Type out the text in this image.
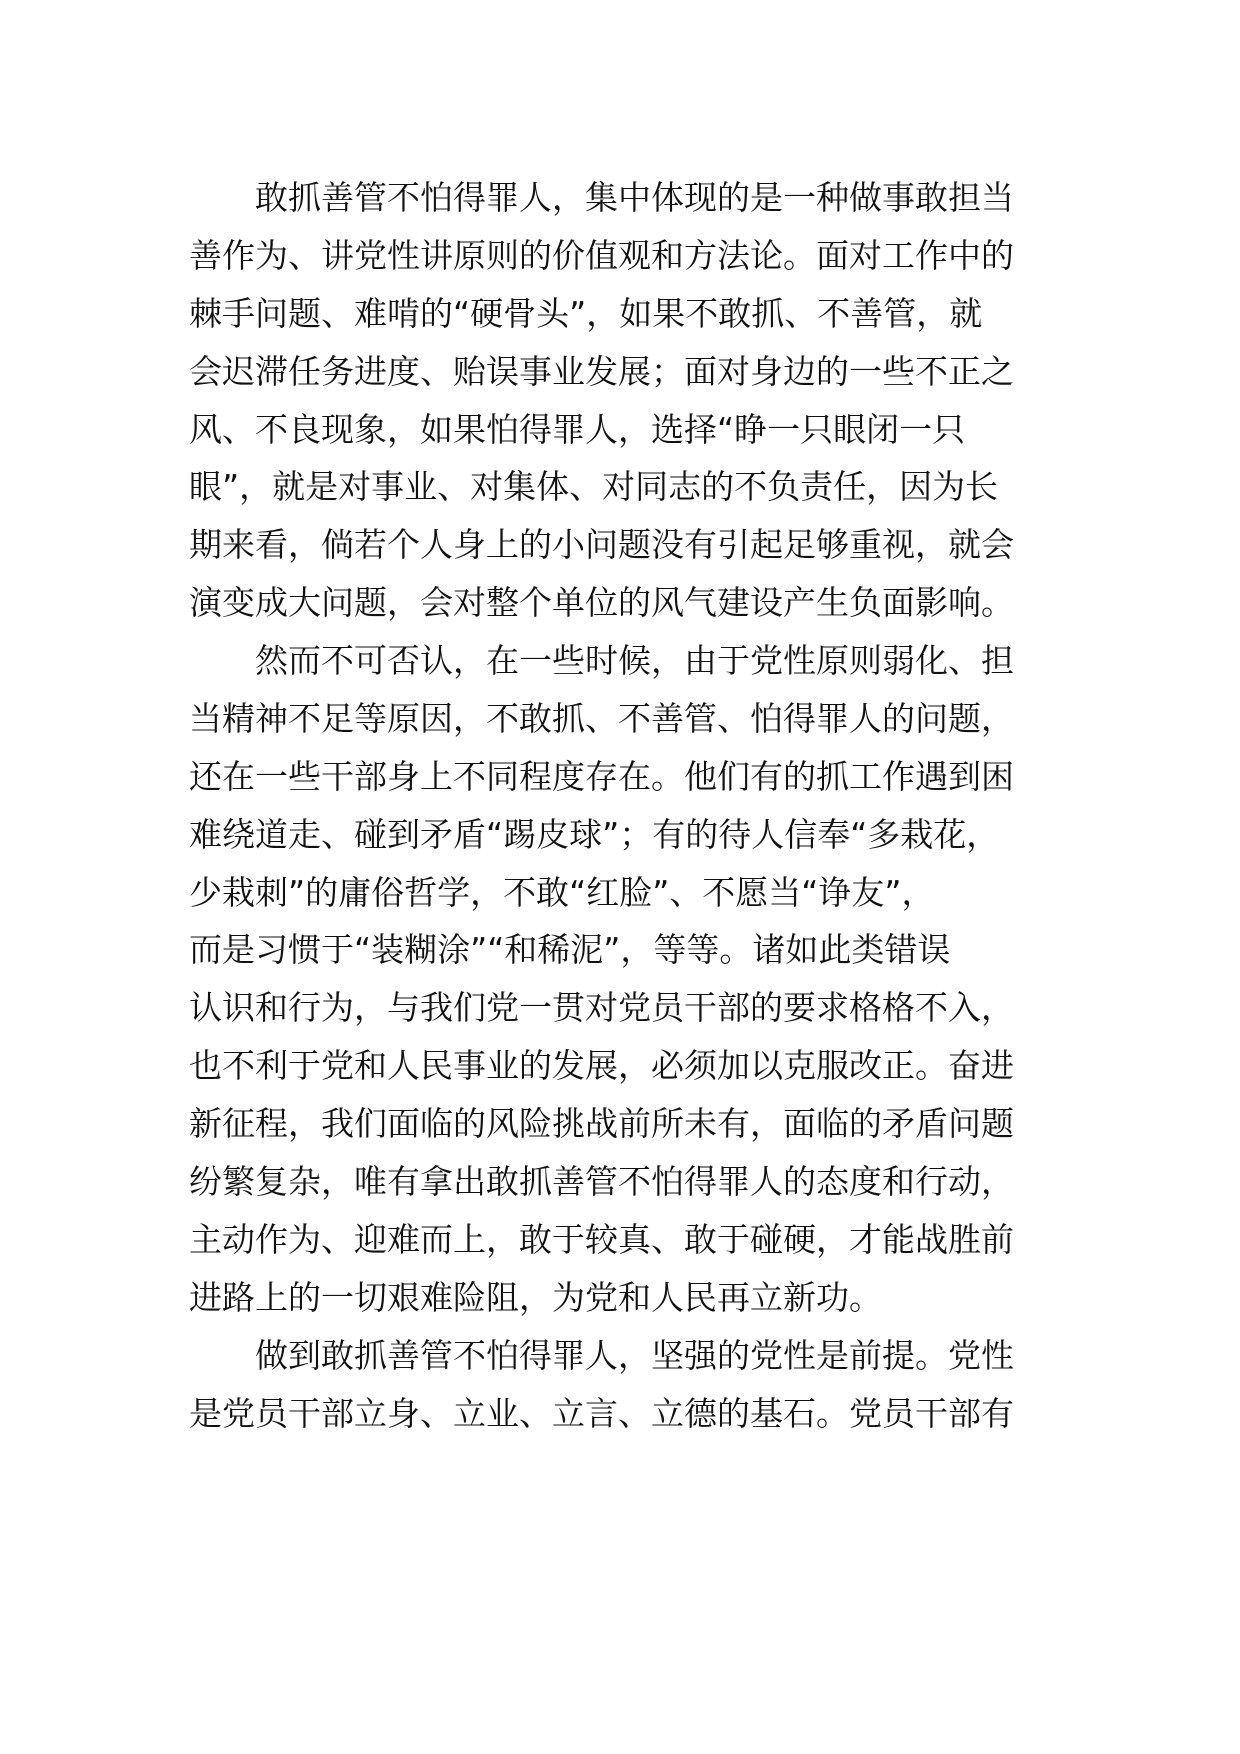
敢抓善管不怕得罪人，集中体现的是一种做事敢担当
善作为、讲党性讲原则的价值观和方法论。面对工作中的
棘手问题、难啃的“硬骨头”，如果不敢抓、不善管，就
会迟滞任务进度、贻误事业发展；面对身边的一些不正之
风、不良现象，如果怕得罪人，选择“睁一只眼闭一只
眼”，就是对事业、对集体、对同志的不负责任，因为长
期来看，倘若个人身上的小问题没有引起足够重视，就会
演变成大问题，会对整个单位的风气建设产生负面影响。
然而不可否认，在一些时候，由于党性原则弱化、担
当精神不足等原因，不敢抓、不善管、怕得罪人的问题，
还在一些干部身上不同程度存在。他们有的抓工作遇到困
难绕道走、碰到矛盾“踢皮球”；有的待人信奉“多栽花，
少栽刺”的庸俗哲学，不敢“红脸”、不愿当“诤友”，
而是习惯于“装糊涂”“和稀泥”，等等。诸如此类错误
认识和行为，与我们党一贯对党员干部的要求格格不入，
也不利于党和人民事业的发展，必须加以克服改正。奋进
新征程，我们面临的风险挑战前所未有，面临的矛盾问题
纷繁复杂，唯有拿出敢抓善管不怕得罪人的态度和行动，
主动作为、迎难而上，敢于较真、敢于碰硬，才能战胜前
进路上的一切艰难险阻，为党和人民再立新功。
做到敢抓善管不怕得罪人，坚强的党性是前提。党性
是党员干部立身、立业、立言、立德的基石。党员干部有
